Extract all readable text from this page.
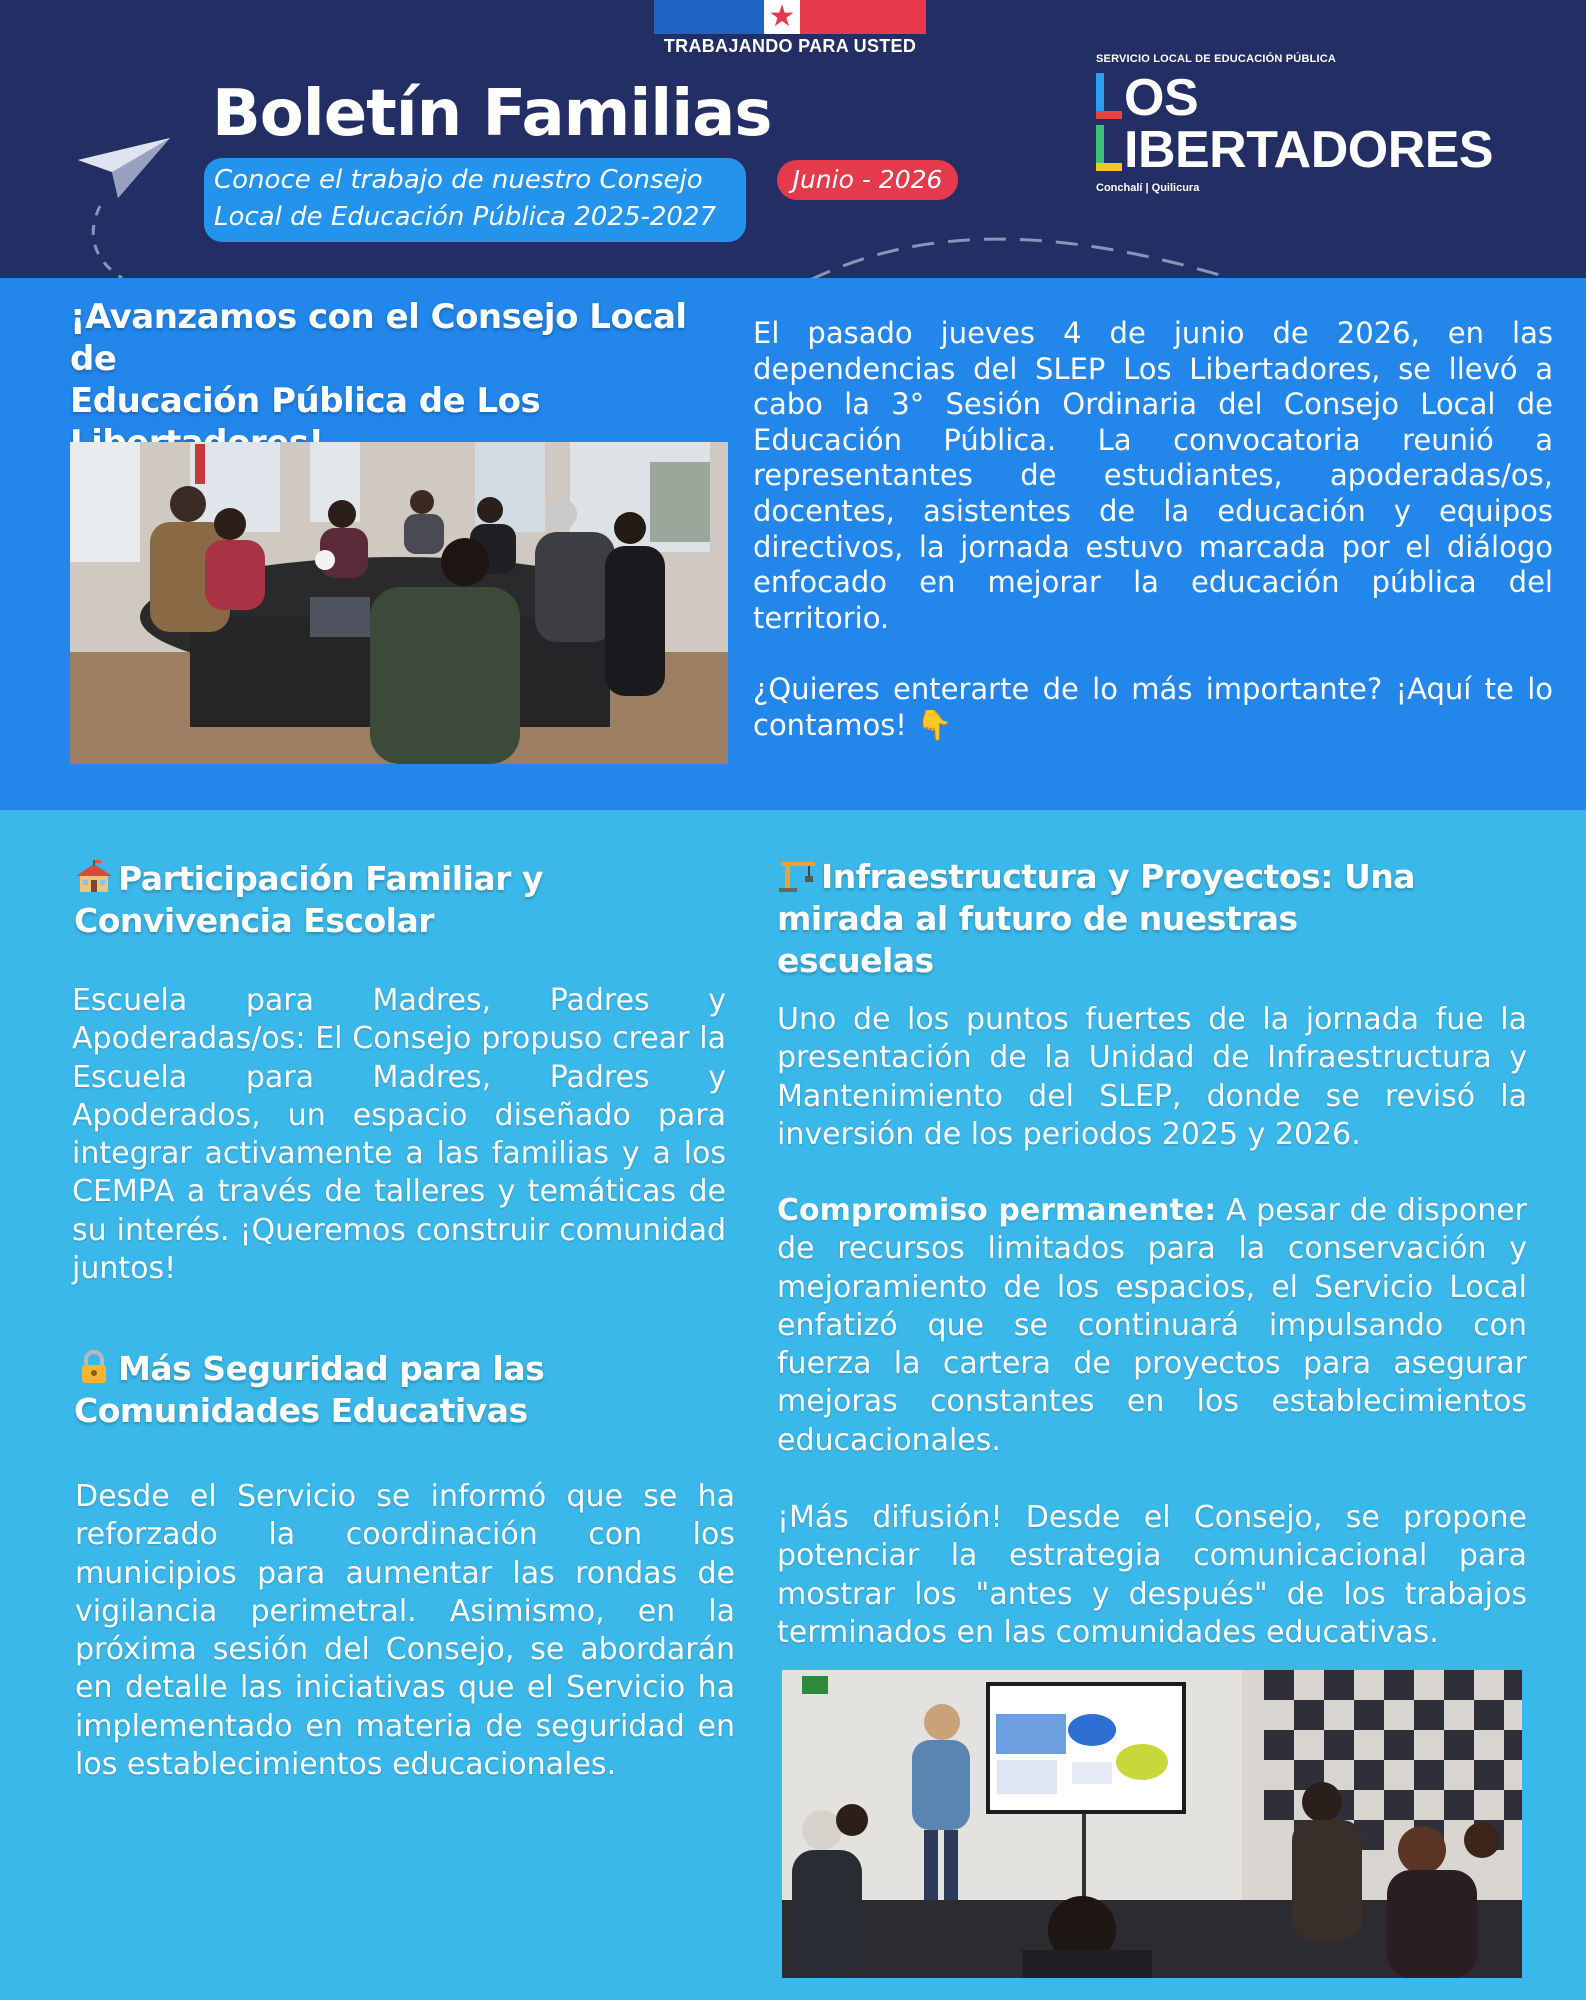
★
TRABAJANDO PARA USTED
Boletín Familias
Conoce el trabajo de nuestro Consejo
Local de Educación Pública 2025-2027
Junio - 2026
SERVICIO LOCAL DE EDUCACIÓN PÚBLICA
OS
IBERTADORES
Conchalí | Quilicura
¡Avanzamos con el Consejo Local de
Educación Pública de Los
El pasado jueves 4 de junio de 2026, en las dependencias del SLEP Los Libertadores, se llevó a cabo la 3° Sesión Ordinaria del Consejo Local de Educación Pública. La convocatoria reunió a representantes de estudiantes, apoderadas/os, docentes, asistentes de la educación y equipos directivos, la jornada estuvo marcada por el diálogo enfocado en mejorar la educación pública del territorio.
¿Quieres enterarte de lo más importante? ¡Aquí te lo contamos! 👇
Participación Familiar y
Convivencia Escolar
Escuela para Madres, Padres y Apoderadas/os: El Consejo propuso crear la Escuela para Madres, Padres y Apoderados, un espacio diseñado para integrar activamente a las familias y a los CEMPA a través de talleres y temáticas de su interés. ¡Queremos construir comunidad juntos!
Más Seguridad para las
Comunidades Educativas
Desde el Servicio se informó que se ha reforzado la coordinación con los municipios para aumentar las rondas de vigilancia perimetral. Asimismo, en la próxima sesión del Consejo, se abordarán en detalle las iniciativas que el Servicio ha implementado en materia de seguridad en los establecimientos educacionales.
Infraestructura y Proyectos: Una
mirada al futuro de nuestras
escuelas
Uno de los puntos fuertes de la jornada fue la presentación de la Unidad de Infraestructura y Mantenimiento del SLEP, donde se revisó la inversión de los periodos 2025 y 2026.
Compromiso permanente: A pesar de disponer de recursos limitados para la conservación y mejoramiento de los espacios, el Servicio Local enfatizó que se continuará impulsando con fuerza la cartera de proyectos para asegurar mejoras constantes en los establecimientos educacionales.
¡Más difusión! Desde el Consejo, se propone potenciar la estrategia comunicacional para mostrar los "antes y después" de los trabajos terminados en las comunidades educativas.
